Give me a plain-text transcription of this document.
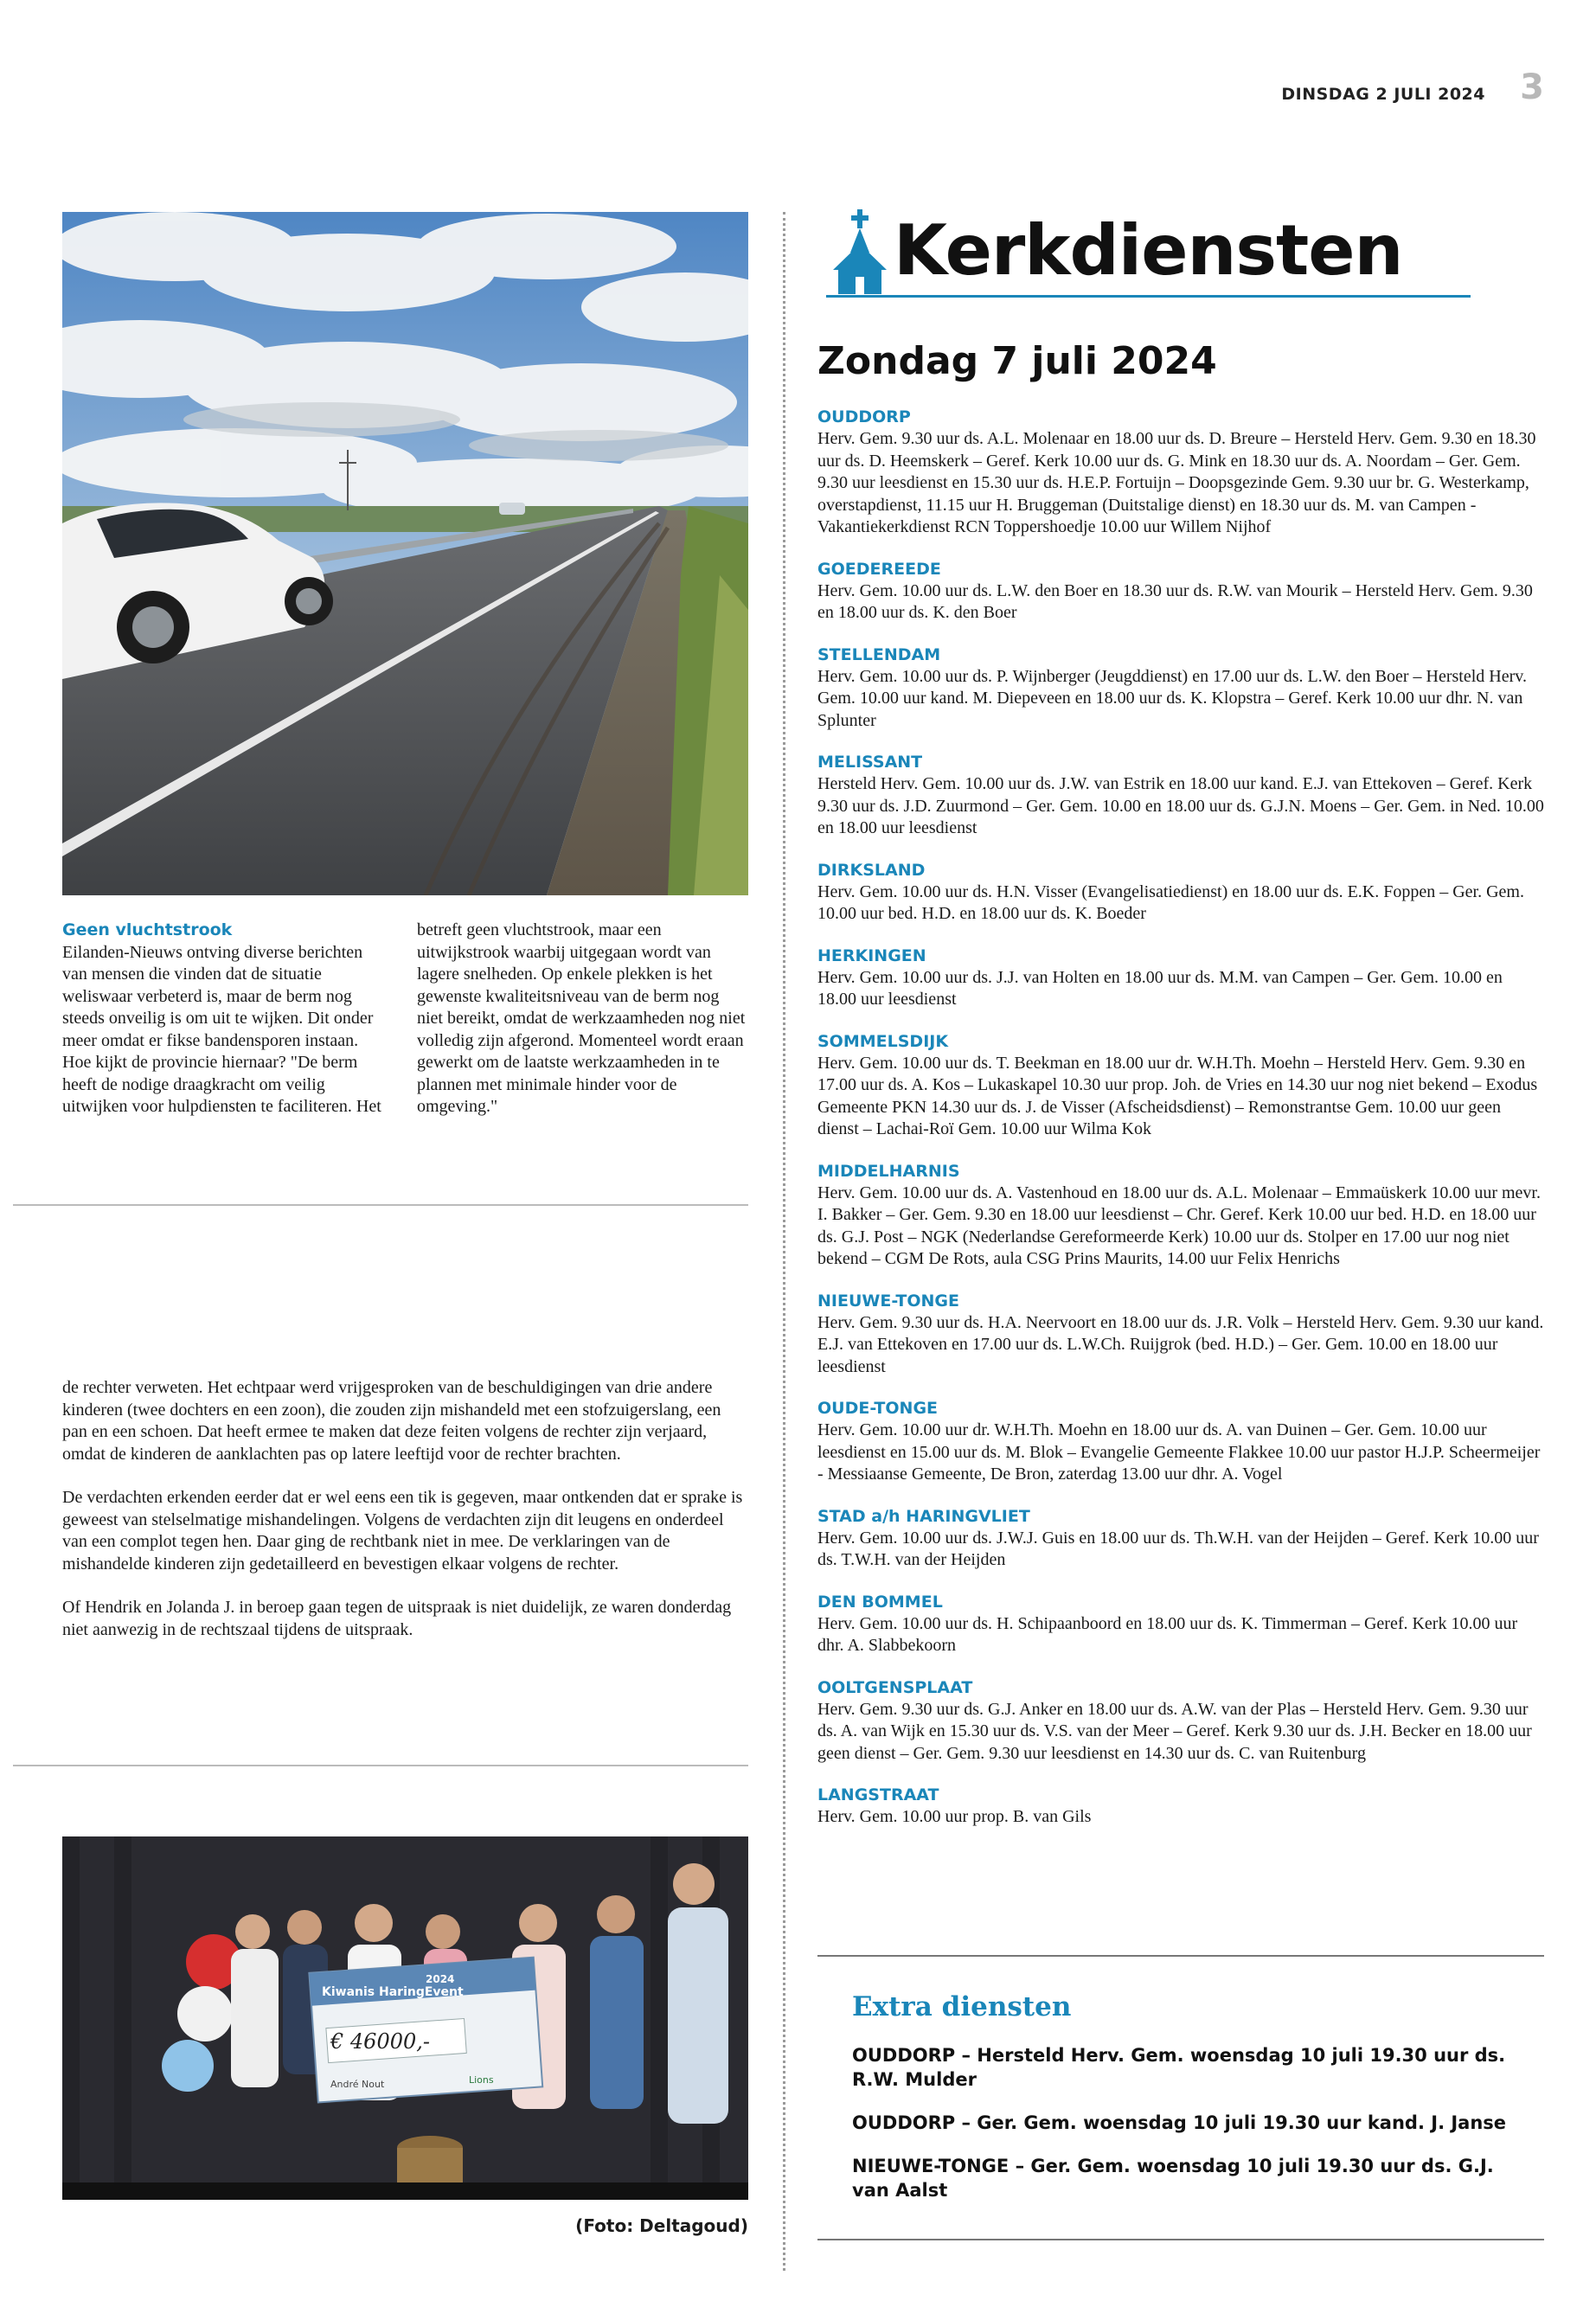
DINSDAG 2 JULI 2024 3
Geen vluchtstrook
Eilanden-Nieuws ontving diverse berichten van mensen die vinden dat de situatie weliswaar verbeterd is, maar de berm nog steeds onveilig is om uit te wijken. Dit onder meer omdat er fikse bandensporen instaan. Hoe kijkt de provincie hiernaar? "De berm heeft de nodige draagkracht om veilig uitwijken voor hulpdiensten te faciliteren. Het
betreft geen vluchtstrook, maar een uitwijkstrook waarbij uitgegaan wordt van lagere snelheden. Op enkele plekken is het gewenste kwaliteitsniveau van de berm nog niet bereikt, omdat de werkzaamheden nog niet volledig zijn afgerond. Momenteel wordt eraan gewerkt om de laatste werkzaamheden in te plannen met minimale hinder voor de omgeving."

de rechter verweten. Het echtpaar werd vrijgesproken van de beschuldigingen van drie andere kinderen (twee dochters en een zoon), die zouden zijn mishandeld met een stofzuigerslang, een pan en een schoen. Dat heeft ermee te maken dat deze feiten volgens de rechter zijn verjaard, omdat de kinderen de aanklachten pas op latere leeftijd voor de rechter brachten.

De verdachten erkenden eerder dat er wel eens een tik is gegeven, maar ontkenden dat er sprake is geweest van stelselmatige mishandelingen. Volgens de verdachten zijn dit leugens en onderdeel van een complot tegen hen. Daar ging de rechtbank niet in mee. De verklaringen van de mishandelde kinderen zijn gedetailleerd en bevestigen elkaar volgens de rechter.

Of Hendrik en Jolanda J. in beroep gaan tegen de uitspraak is niet duidelijk, ze waren donderdag niet aanwezig in de rechtszaal tijdens de uitspraak.

2024
Kiwanis HaringEvent
€ 46000,-
André Nout	Lions
(Foto: Deltagoud)
Kerkdiensten
Zondag 7 juli 2024
OUDDORP
Herv. Gem. 9.30 uur ds. A.L. Molenaar en 18.00 uur ds. D. Breure – Hersteld Herv. Gem. 9.30 en 18.30 uur ds. D. Heemskerk – Geref. Kerk 10.00 uur ds. G. Mink en 18.30 uur ds. A. Noordam – Ger. Gem. 9.30 uur leesdienst en 15.30 uur ds. H.E.P. Fortuijn – Doopsgezinde Gem. 9.30 uur br. G. Westerkamp, overstapdienst, 11.15 uur H. Bruggeman (Duitstalige dienst) en 18.30 uur ds. M. van Campen - Vakantiekerkdienst RCN Toppershoedje 10.00 uur Willem Nijhof
GOEDEREEDE
Herv. Gem. 10.00 uur ds. L.W. den Boer en 18.30 uur ds. R.W. van Mourik – Hersteld Herv. Gem. 9.30 en 18.00 uur ds. K. den Boer
STELLENDAM
Herv. Gem. 10.00 uur ds. P. Wijnberger (Jeugddienst) en 17.00 uur ds. L.W. den Boer – Hersteld Herv. Gem. 10.00 uur kand. M. Diepeveen en 18.00 uur ds. K. Klopstra – Geref. Kerk 10.00 uur dhr. N. van Splunter
MELISSANT
Hersteld Herv. Gem. 10.00 uur ds. J.W. van Estrik en 18.00 uur kand. E.J. van Ettekoven – Geref. Kerk 9.30 uur ds. J.D. Zuurmond – Ger. Gem. 10.00 en 18.00 uur ds. G.J.N. Moens – Ger. Gem. in Ned. 10.00 en 18.00 uur leesdienst
DIRKSLAND
Herv. Gem. 10.00 uur ds. H.N. Visser (Evangelisatiedienst) en 18.00 uur ds. E.K. Foppen – Ger. Gem. 10.00 uur bed. H.D. en 18.00 uur ds. K. Boeder
HERKINGEN
Herv. Gem. 10.00 uur ds. J.J. van Holten en 18.00 uur ds. M.M. van Campen – Ger. Gem. 10.00 en 18.00 uur leesdienst
SOMMELSDIJK
Herv. Gem. 10.00 uur ds. T. Beekman en 18.00 uur dr. W.H.Th. Moehn – Hersteld Herv. Gem. 9.30 en 17.00 uur ds. A. Kos – Lukaskapel 10.30 uur prop. Joh. de Vries en 14.30 uur nog niet bekend – Exodus Gemeente PKN 14.30 uur ds. J. de Visser (Afscheidsdienst) – Remonstrantse Gem. 10.00 uur geen dienst – Lachai-Roï Gem. 10.00 uur Wilma Kok
MIDDELHARNIS
Herv. Gem. 10.00 uur ds. A. Vastenhoud en 18.00 uur ds. A.L. Molenaar – Emmaüskerk 10.00 uur mevr. I. Bakker – Ger. Gem. 9.30 en 18.00 uur leesdienst – Chr. Geref. Kerk 10.00 uur bed. H.D. en 18.00 uur ds. G.J. Post – NGK (Nederlandse Gereformeerde Kerk) 10.00 uur ds. Stolper en 17.00 uur nog niet bekend – CGM De Rots, aula CSG Prins Maurits, 14.00 uur Felix Henrichs
NIEUWE-TONGE
Herv. Gem. 9.30 uur ds. H.A. Neervoort en 18.00 uur ds. J.R. Volk – Hersteld Herv. Gem. 9.30 uur kand. E.J. van Ettekoven en 17.00 uur ds. L.W.Ch. Ruijgrok (bed. H.D.) – Ger. Gem. 10.00 en 18.00 uur leesdienst
OUDE-TONGE
Herv. Gem. 10.00 uur dr. W.H.Th. Moehn en 18.00 uur ds. A. van Duinen – Ger. Gem. 10.00 uur leesdienst en 15.00 uur ds. M. Blok – Evangelie Gemeente Flakkee 10.00 uur pastor H.J.P. Scheermeijer - Messiaanse Gemeente, De Bron, zaterdag 13.00 uur dhr. A. Vogel
STAD a/h HARINGVLIET
Herv. Gem. 10.00 uur ds. J.W.J. Guis en 18.00 uur ds. Th.W.H. van der Heijden – Geref. Kerk 10.00 uur ds. T.W.H. van der Heijden
DEN BOMMEL
Herv. Gem. 10.00 uur ds. H. Schipaanboord en 18.00 uur ds. K. Timmerman – Geref. Kerk 10.00 uur dhr. A. Slabbekoorn
OOLTGENSPLAAT
Herv. Gem. 9.30 uur ds. G.J. Anker en 18.00 uur ds. A.W. van der Plas – Hersteld Herv. Gem. 9.30 uur ds. A. van Wijk en 15.30 uur ds. V.S. van der Meer – Geref. Kerk 9.30 uur ds. J.H. Becker en 18.00 uur geen dienst – Ger. Gem. 9.30 uur leesdienst en 14.30 uur ds. C. van Ruitenburg
LANGSTRAAT
Herv. Gem. 10.00 uur prop. B. van Gils
Extra diensten
OUDDORP – Hersteld Herv. Gem. woensdag 10 juli 19.30 uur ds. R.W. Mulder
OUDDORP – Ger. Gem. woensdag 10 juli 19.30 uur kand. J. Janse
NIEUWE-TONGE – Ger. Gem. woensdag 10 juli 19.30 uur ds. G.J. van Aalst
